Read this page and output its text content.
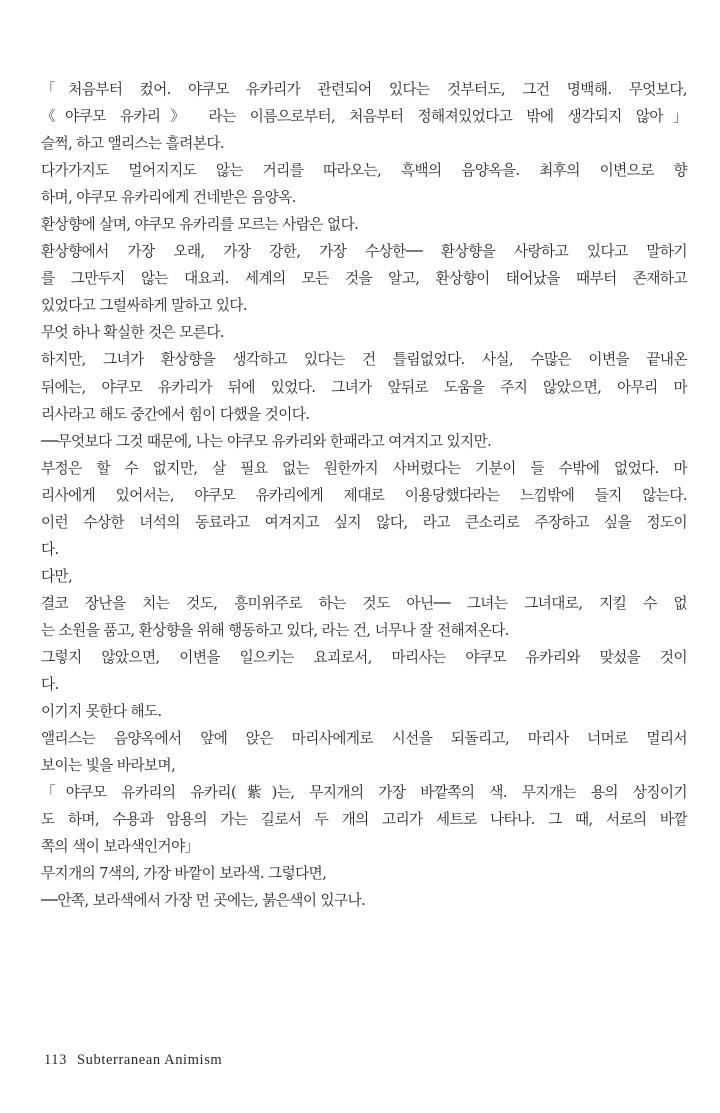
「처음부터 컸어. 야쿠모 유카리가 관련되어 있다는 것부터도, 그건 명백해. 무엇보다,
《야쿠모 유카리》 라는 이름으로부터, 처음부터 정해져있었다고 밖에 생각되지 않아」
슬쩍, 하고 앨리스는 흘려본다.
다가가지도 멀어지지도 않는 거리를 따라오는, 흑백의 음양옥을. 최후의 이변으로 향
하며, 야쿠모 유카리에게 건네받은 음양옥.
환상향에 살며, 야쿠모 유카리를 모르는 사람은 없다.
환상향에서 가장 오래, 가장 강한, 가장 수상한── 환상향을 사랑하고 있다고 말하기
를 그만두지 않는 대요괴. 세계의 모든 것을 알고, 환상향이 태어났을 때부터 존재하고
있었다고 그럴싸하게 말하고 있다.
무엇 하나 확실한 것은 모른다.
하지만, 그녀가 환상향을 생각하고 있다는 건 틀림없었다. 사실, 수많은 이변을 끝내온
뒤에는, 야쿠모 유카리가 뒤에 있었다. 그녀가 앞뒤로 도움을 주지 않았으면, 아무리 마
리사라고 해도 중간에서 힘이 다했을 것이다.
──무엇보다 그것 때문에, 나는 야쿠모 유카리와 한패라고 여겨지고 있지만.
부정은 할 수 없지만, 살 필요 없는 원한까지 사버렸다는 기분이 들 수밖에 없었다. 마
리사에게 있어서는, 야쿠모 유카리에게 제대로 이용당했다라는 느낌밖에 들지 않는다.
이런 수상한 녀석의 동료라고 여겨지고 싶지 않다, 라고 큰소리로 주장하고 싶을 정도이
다.
다만,
결코 장난을 치는 것도, 흥미위주로 하는 것도 아닌── 그녀는 그녀대로, 지킬 수 없
는 소원을 품고, 환상향을 위해 행동하고 있다, 라는 건, 너무나 잘 전해져온다.
그렇지 않았으면, 이변을 일으키는 요괴로서, 마리사는 야쿠모 유카리와 맞섰을 것이
다.
이기지 못한다 해도.
앨리스는 음양옥에서 앞에 앉은 마리사에게로 시선을 되돌리고, 마리사 너머로 멀리서
보이는 빛을 바라보며,
「야쿠모 유카리의 유카리(紫)는, 무지개의 가장 바깥쪽의 색. 무지개는 용의 상징이기
도 하며, 수용과 암용의 가는 길로서 두 개의 고리가 세트로 나타나. 그 때, 서로의 바깥
쪽의 색이 보라색인거야」
무지개의 7색의, 가장 바깥이 보라색. 그렇다면,
──안쪽, 보라색에서 가장 먼 곳에는, 붉은색이 있구나.
113 Subterranean Animism
